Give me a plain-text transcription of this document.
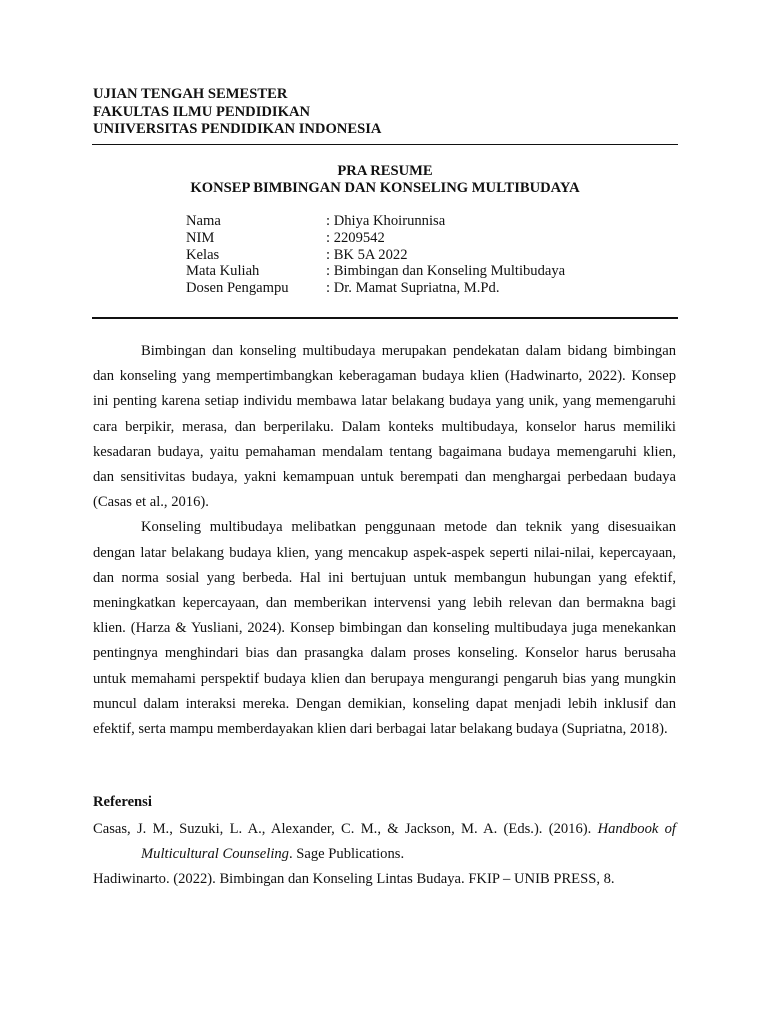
UJIAN TENGAH SEMESTER
FAKULTAS ILMU PENDIDIKAN
UNIIVERSITAS PENDIDIKAN INDONESIA
PRA RESUME
KONSEP BIMBINGAN DAN KONSELING MULTIBUDAYA
Nama	: Dhiya Khoirunnisa
NIM	: 2209542
Kelas	: BK 5A 2022
Mata Kuliah	: Bimbingan dan Konseling Multibudaya
Dosen Pengampu	: Dr. Mamat Supriatna, M.Pd.

Bimbingan dan konseling multibudaya merupakan pendekatan dalam bidang bimbingan dan konseling yang mempertimbangkan keberagaman budaya klien (Hadwinarto, 2022). Konsep ini penting karena setiap individu membawa latar belakang budaya yang unik, yang memengaruhi cara berpikir, merasa, dan berperilaku. Dalam konteks multibudaya, konselor harus memiliki kesadaran budaya, yaitu pemahaman mendalam tentang bagaimana budaya memengaruhi klien, dan sensitivitas budaya, yakni kemampuan untuk berempati dan menghargai perbedaan budaya (Casas et al., 2016).

Konseling multibudaya melibatkan penggunaan metode dan teknik yang disesuaikan dengan latar belakang budaya klien, yang mencakup aspek-aspek seperti nilai-nilai, kepercayaan, dan norma sosial yang berbeda. Hal ini bertujuan untuk membangun hubungan yang efektif, meningkatkan kepercayaan, dan memberikan intervensi yang lebih relevan dan bermakna bagi klien. (Harza & Yusliani, 2024). Konsep bimbingan dan konseling multibudaya juga menekankan pentingnya menghindari bias dan prasangka dalam proses konseling. Konselor harus berusaha untuk memahami perspektif budaya klien dan berupaya mengurangi pengaruh bias yang mungkin muncul dalam interaksi mereka. Dengan demikian, konseling dapat menjadi lebih inklusif dan efektif, serta mampu memberdayakan klien dari berbagai latar belakang budaya (Supriatna, 2018).

Referensi

Casas, J. M., Suzuki, L. A., Alexander, C. M., & Jackson, M. A. (Eds.). (2016). Handbook of Multicultural Counseling. Sage Publications.

Hadiwinarto. (2022). Bimbingan dan Konseling Lintas Budaya. FKIP – UNIB PRESS, 8.
